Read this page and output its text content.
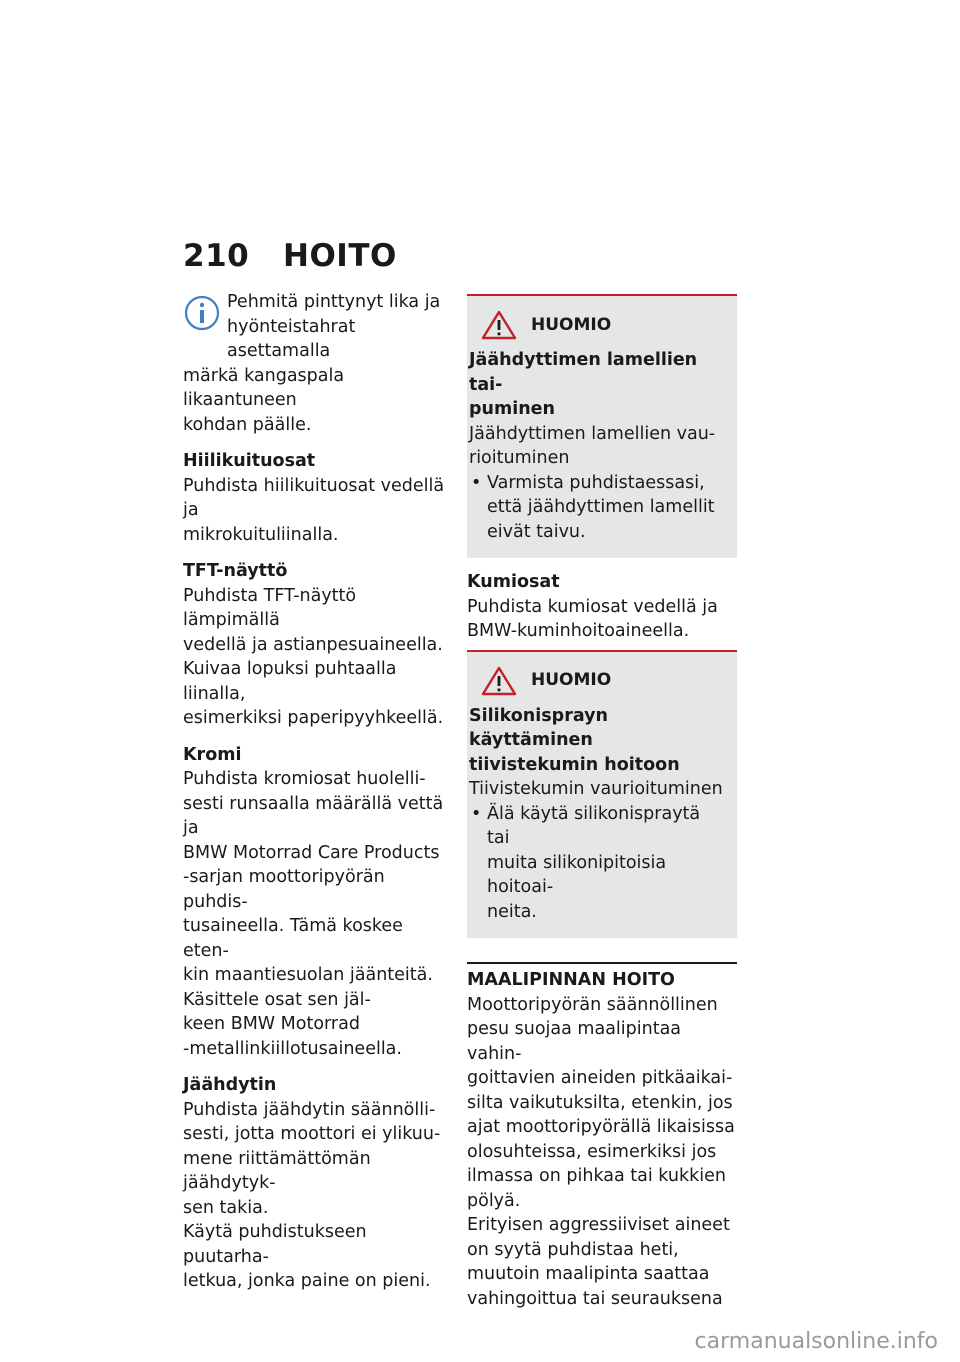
210 HOITO

Pehmitä pinttynyt lika ja

hyönteistahrat asettamalla

märkä kangaspala likaantuneen

kohdan päälle.

Hiilikuituosat

Puhdista hiilikuituosat vedellä ja

mikrokuituliinalla.

TFT-näyttö

Puhdista TFT-näyttö lämpimällä

vedellä ja astianpesuaineella.

Kuivaa lopuksi puhtaalla liinalla,

esimerkiksi paperipyyhkeellä.

Kromi

Puhdista kromiosat huolelli-

sesti runsaalla määrällä vettä ja

BMW Motorrad Care Products

-sarjan moottoripyörän puhdis-

tusaineella. Tämä koskee eten-

kin maantiesuolan jäänteitä.

Käsittele osat sen jäl-

keen BMW Motorrad

-metallinkiillotusaineella.

Jäähdytin

Puhdista jäähdytin säännölli-

sesti, jotta moottori ei ylikuu-

mene riittämättömän jäähdytyk-

sen takia.

Käytä puhdistukseen puutarha-

letkua, jonka paine on pieni.

HUOMIO

Jäähdyttimen lamellien tai-

puminen

Jäähdyttimen lamellien vau-

rioituminen

• Varmista puhdistaessasi,

että jäähdyttimen lamellit

eivät taivu.

Kumiosat

Puhdista kumiosat vedellä ja

BMW-kuminhoitoaineella.

HUOMIO

Silikonisprayn käyttäminen

tiivistekumin hoitoon

Tiivistekumin vaurioituminen

• Älä käytä silikonispraytä tai

muita silikonipitoisia hoitoai-

neita.

MAALIPINNAN HOITO

Moottoripyörän säännöllinen

pesu suojaa maalipintaa vahin-

goittavien aineiden pitkäaikai-

silta vaikutuksilta, etenkin, jos

ajat moottoripyörällä likaisissa

olosuhteissa, esimerkiksi jos

ilmassa on pihkaa tai kukkien

pölyä.

Erityisen aggressiiviset aineet

on syytä puhdistaa heti,

muutoin maalipinta saattaa

vahingoittua tai seurauksena

carmanualsonline.info
